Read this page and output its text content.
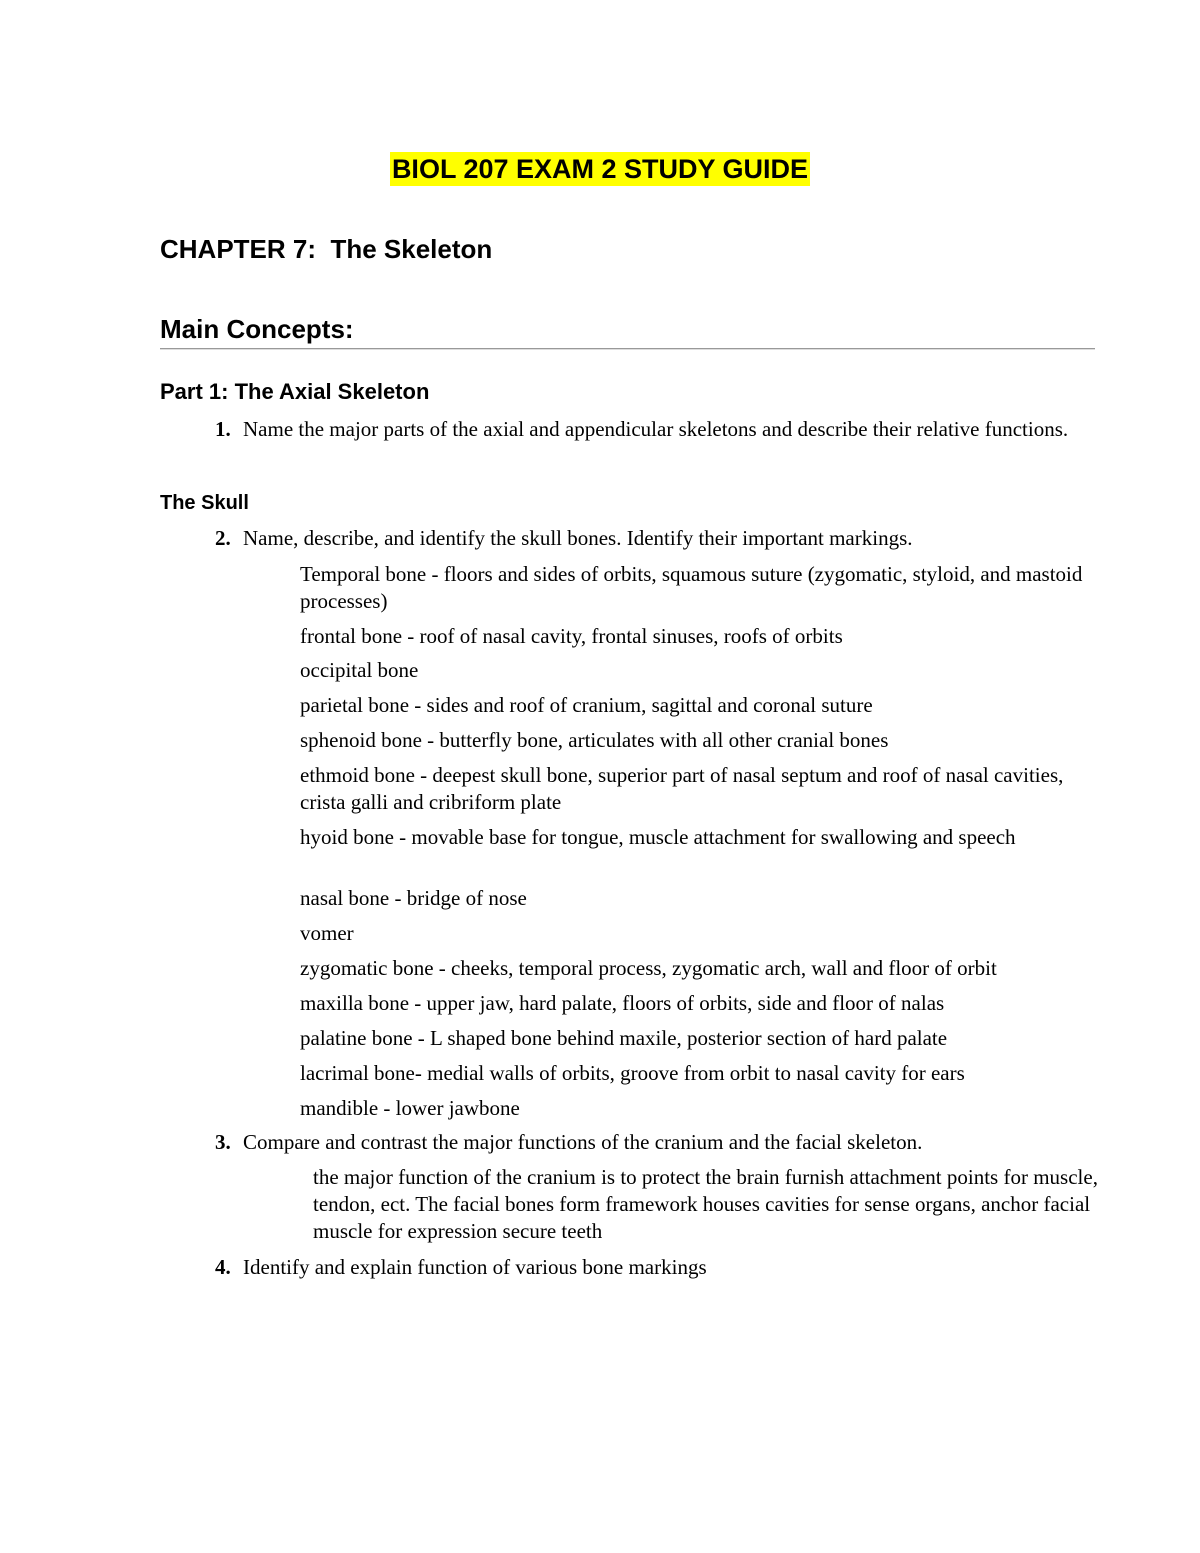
BIOL 207 EXAM 2 STUDY GUIDE
CHAPTER 7:  The Skeleton
Main Concepts:
Part 1: The Axial Skeleton
1. Name the major parts of the axial and appendicular skeletons and describe their relative functions.
The Skull
2. Name, describe, and identify the skull bones. Identify their important markings.
Temporal bone - floors and sides of orbits, squamous suture (zygomatic, styloid, and mastoid processes)
frontal bone - roof of nasal cavity, frontal sinuses, roofs of orbits
occipital bone
parietal bone - sides and roof of cranium, sagittal and coronal suture
sphenoid bone - butterfly bone, articulates with all other cranial bones
ethmoid bone - deepest skull bone, superior part of nasal septum and roof of nasal cavities, crista galli and cribriform plate
hyoid bone - movable base for tongue, muscle attachment for swallowing and speech
nasal bone - bridge of nose
vomer
zygomatic bone - cheeks, temporal process, zygomatic arch, wall and floor of orbit
maxilla bone - upper jaw, hard palate, floors of orbits, side and floor of nalas
palatine bone - L shaped bone behind maxile, posterior section of hard palate
lacrimal bone- medial walls of orbits, groove from orbit to nasal cavity for ears
mandible - lower jawbone
3. Compare and contrast the major functions of the cranium and the facial skeleton.
the major function of the cranium is to protect the brain furnish attachment points for muscle, tendon, ect. The facial bones form framework houses cavities for sense organs, anchor facial muscle for expression secure teeth
4. Identify and explain function of various bone markings
